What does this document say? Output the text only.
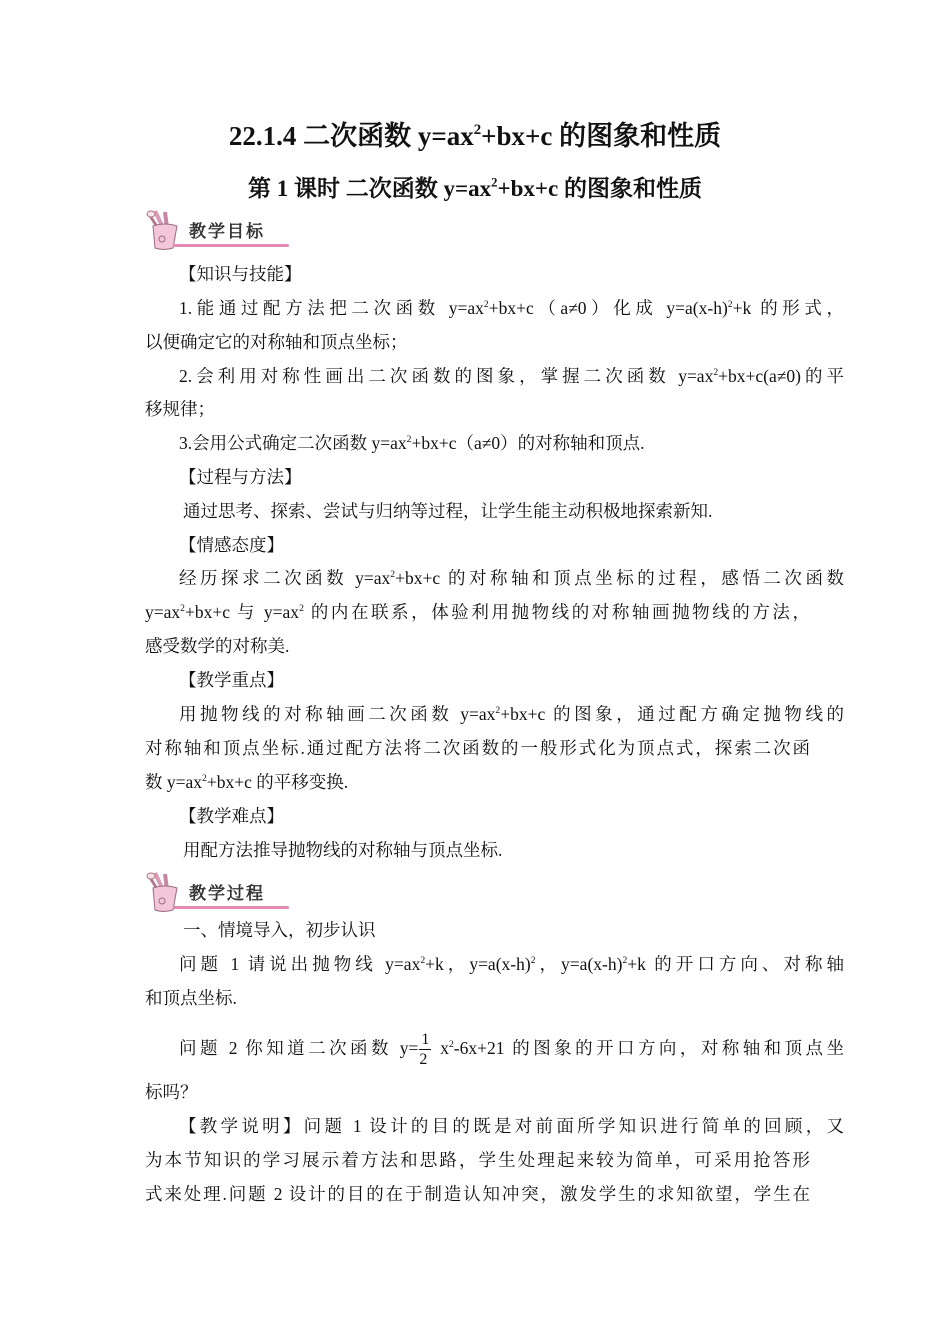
22.1.4 二次函数 $y=ax^2+bx+c$ 的图象和性质
第 1 课时 二次函数 $y=ax^2+bx+c$ 的图象和性质
教学目标
【知识与技能】
1.能通过配方法把二次函数 $y=ax^2+bx+c(a\ne 0)$化成 $y=a(x-h)^2+k$ 的形式，
以便确定它的对称轴和顶点坐标；
2.会利用对称性画出二次函数的图象，掌握二次函数 $y=ax^2+bx+c(a\ne 0)$的平
移规律；
3.会用公式确定二次函数 $y=ax^2+bx+c(a\ne 0)$的对称轴和顶点.
【过程与方法】
通过思考、探索、尝试与归纳等过程，让学生能主动积极地探索新知.
【情感态度】
经历探求二次函数 $y=ax^2+bx+c$ 的对称轴和顶点坐标的过程，感悟二次函数
$y=ax^2+bx+c$ 与 $y=ax^2$ 的内在联系，体验利用抛物线的对称轴画抛物线的方法，
感受数学的对称美.
【教学重点】
用抛物线的对称轴画二次函数 $y=ax^2+bx+c$ 的图象，通过配方确定抛物线的
对称轴和顶点坐标.通过配方法将二次函数的一般形式化为顶点式，探索二次函
数 $y=ax^2+bx+c$ 的平移变换.
【教学难点】
用配方法推导抛物线的对称轴与顶点坐标.
教学过程
一、情境导入，初步认识
问题 1 请说出抛物线 $y=ax^2+k$，$y=a(x-h)^2$，$y=a(x-h)^2+k$ 的开口方向、对称轴
和顶点坐标.
问题 2 你知道二次函数 $y= \frac{1}{2} x^2-6x+21$ 的图象的开口方向，对称轴和顶点坐
标吗？
【教学说明】问题 1 设计的目的既是对前面所学知识进行简单的回顾，又
为本节知识的学习展示着方法和思路，学生处理起来较为简单，可采用抢答形
式来处理.问题 2 设计的目的在于制造认知冲突，激发学生的求知欲望，学生在
